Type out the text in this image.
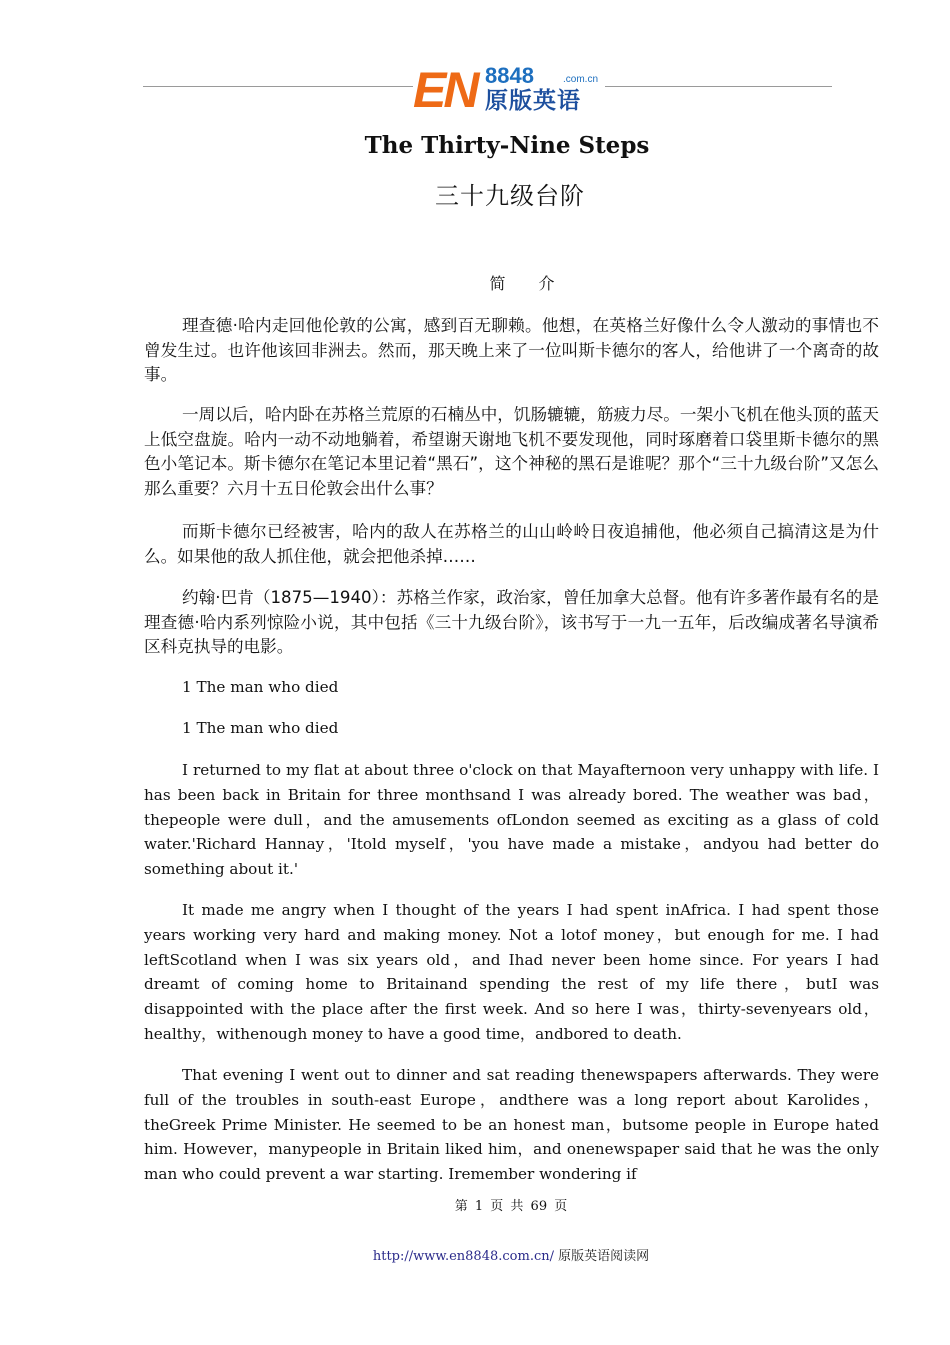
EN 8848	.com.cn
原版英语
The Thirty-Nine Steps
三十九级台阶
简 介

理查德·哈内走回他伦敦的公寓，感到百无聊赖。他想，在英格兰好像什么令人激动的事情也不曾发生过。也许他该回非洲去。然而，那天晚上来了一位叫斯卡德尔的客人，给他讲了一个离奇的故事。

一周以后，哈内卧在苏格兰荒原的石楠丛中，饥肠辘辘，筋疲力尽。一架小飞机在他头顶的蓝天上低空盘旋。哈内一动不动地躺着，希望谢天谢地飞机不要发现他，同时琢磨着口袋里斯卡德尔的黑色小笔记本。斯卡德尔在笔记本里记着“黑石”，这个神秘的黑石是谁呢？那个“三十九级台阶”又怎么那么重要？六月十五日伦敦会出什么事？

而斯卡德尔已经被害，哈内的敌人在苏格兰的山山岭岭日夜追捕他，他必须自己搞清这是为什么。如果他的敌人抓住他，就会把他杀掉……

约翰·巴肯（1875—1940）：苏格兰作家，政治家，曾任加拿大总督。他有许多著作最有名的是理查德·哈内系列惊险小说，其中包括《三十九级台阶》，该书写于一九一五年，后改编成著名导演希区科克执导的电影。

1 The man who died

1 The man who died

I returned to my flat at about three o'clock on that Mayafternoon very unhappy with life. I has been back in Britain for three monthsand I was already bored. The weather was bad，thepeople were dull，and the amusements ofLondon seemed as exciting as a glass of cold water.'Richard Hannay，'Itold myself，'you have made a mistake，andyou had better do something about it.'

It made me angry when I thought of the years I had spent inAfrica. I had spent those years working very hard and making money. Not a lotof money，but enough for me. I had leftScotland when I was six years old，and Ihad never been home since. For years I had dreamt of coming home to Britainand spending the rest of my life there，butI was disappointed with the place after the first week. And so here I was，thirty-sevenyears old，healthy，withenough money to have a good time，andbored to death.

That evening I went out to dinner and sat reading thenewspapers afterwards. They were full of the troubles in south-east Europe，andthere was a long report about Karolides，theGreek Prime Minister. He seemed to be an honest man，butsome people in Europe hated him. However，manypeople in Britain liked him，and onenewspaper said that he was the only man who could prevent a war starting. Iremember wondering if

第 1 页 共 69 页
http://www.en8848.com.cn/ 原版英语阅读网
